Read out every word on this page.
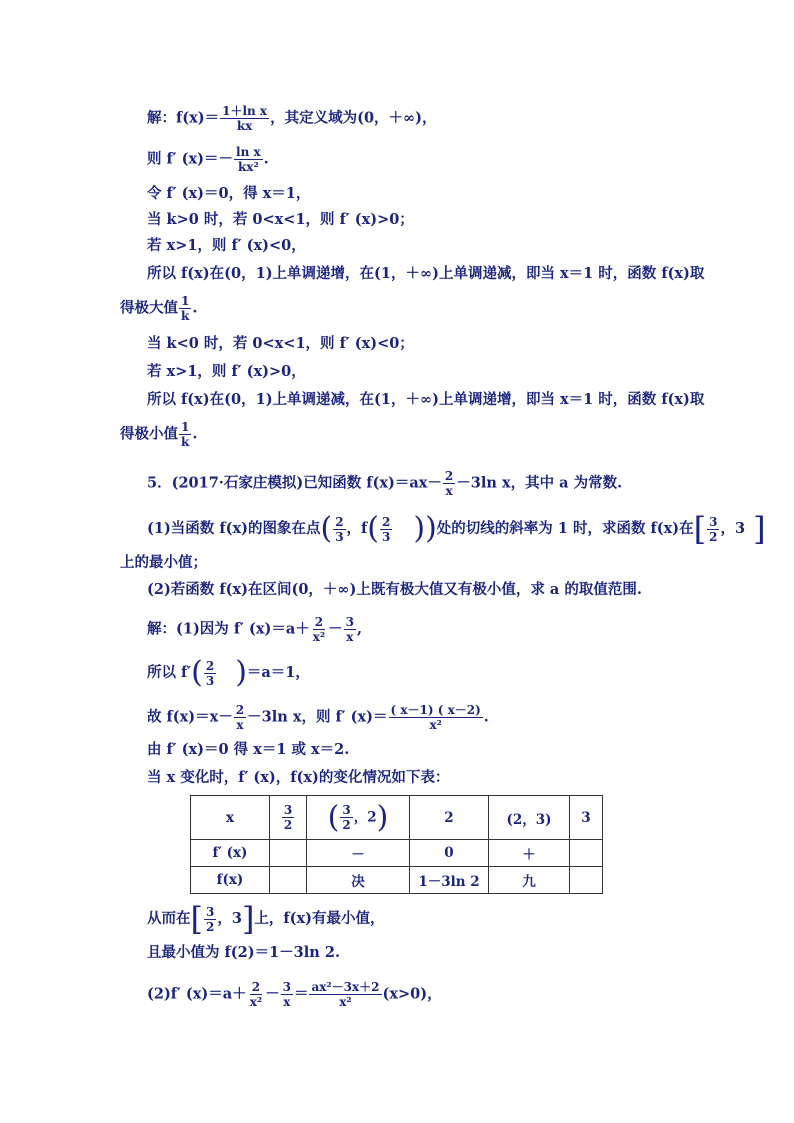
解：$f(x)= \frac{\text{1＋ln x}}{kx}$ ，其定义域为(0，＋∞)，
则 f′ $(x)=- \frac{\text{ln x}}{\text{kx²}}$ .
令 f′ (x)＝0，得 x＝1，
当 k>0 时，若 0<x<1，则 f′ (x)>0；
若 x>1，则 f′ (x)<0，
所以 f(x)在(0，1)上单调递增，在(1，＋∞)上单调递减，即当 x＝1 时，函数 f(x)取
得极大值 $\frac{1}{k}$ .
当 k<0 时，若 0<x<1，则 f′ (x)<0；
若 x>1，则 f′ (x)>0，
所以 f(x)在(0，1)上单调递减，在(1，＋∞)上单调递增，即当 x＝1 时，函数 f(x)取
得极小值 $\frac{1}{k}$ .
5．(2017·石家庄模拟)已知函数 $f(x)=ax- \frac{2}{x} -3\ln$ x，其中 a 为常数.
(1)当函数 f(x)的图象在点( $\frac{2}{3}$ ，$f( \frac{2}{3}$ ))处的切线的斜率为 1 时，求函数 f(x)在[ $\frac{3}{2}$ ，3 ]
上的最小值；
(2)若函数 f(x)在区间(0，＋∞)上既有极大值又有极小值，求 a 的取值范围.
解：(1)因为 f′ $(x)=a+ \frac{2}{\text{x²}} - \frac{3}{x}$ ,
所以 $f'( \frac{2}{3} )=a=1$，
故 $f(x)=x- \frac{2}{x} -3\ln$ x，则 f′ $(x)= \frac{( x-1) ( x-2)}{\text{x²}}$ .
由 f′ (x)＝0 得 x＝1 或 x＝2.
当 x 变化时，f′ (x)，f(x)的变化情况如下表：
x	$\frac{3}{2}$	( $\frac{3}{2}$ ，2)	2	(2，3)	3
f′ (x)		－	0	＋	
f(x)		决	1－3ln 2	九	
从而在[ $\frac{3}{2}$ ，3]上，f(x)有最小值，
且最小值为 f(2)＝1－3ln 2.
(2)f′ $(x)=a+ \frac{2}{\text{x²}} - \frac{3}{x} = \frac{\text{ax²－3x＋2}}{\text{x²}} (x>0)$，
